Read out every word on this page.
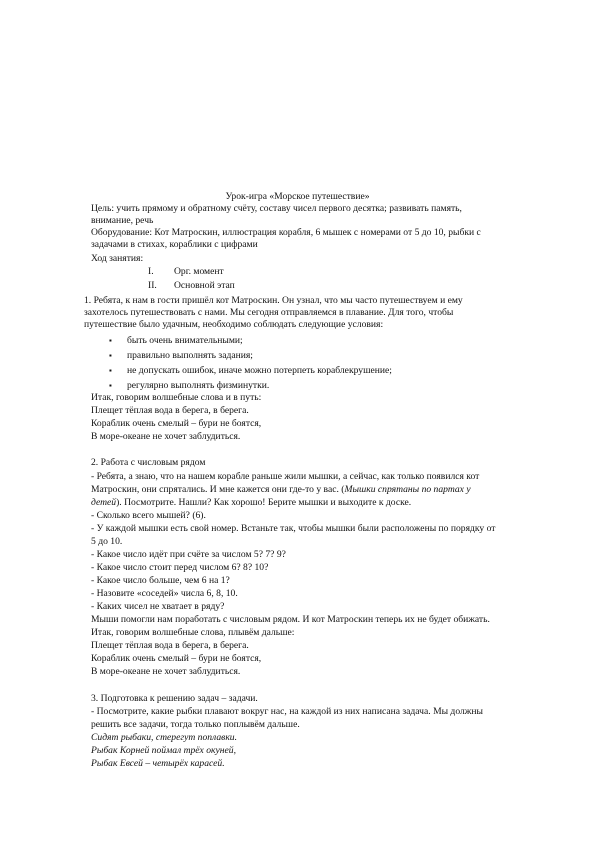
Урок-игра «Морское путешествие»
Цель: учить прямому и обратному счёту, составу чисел первого десятка; развивать память,
внимание, речь
Оборудование: Кот Матроскин, иллюстрация корабля, 6 мышек с номерами от 5 до 10, рыбки с
задачами в стихах, кораблики с цифрами
Ход занятия:
I. Орг. момент
II. Основной этап
1. Ребята, к нам в гости пришёл кот Матроскин. Он узнал, что мы часто путешествуем и ему
захотелось путешествовать с нами. Мы сегодня отправляемся в плавание. Для того, чтобы
путешествие было удачным, необходимо соблюдать следующие условия:
▪ быть очень внимательными;
▪ правильно выполнять задания;
▪ не допускать ошибок, иначе можно потерпеть кораблекрушение;
▪ регулярно выполнять физминутки.
Итак, говорим волшебные слова и в путь:
Плещет тёплая вода в берега, в берега.
Кораблик очень смелый – бури не боятся,
В море-океане не хочет заблудиться.
2. Работа с числовым рядом
- Ребята, а знаю, что на нашем корабле раньше жили мышки, а сейчас, как только появился кот
Матроскин, они спрятались. И мне кажется они где-то у вас. (Мышки спрятаны по партах у
детей). Посмотрите. Нашли? Как хорошо! Берите мышки и выходите к доске.
- Сколько всего мышей? (6).
- У каждой мышки есть свой номер. Встаньте так, чтобы мышки были расположены по порядку от
5 до 10.
- Какое число идёт при счёте за числом 5? 7? 9?
- Какое число стоит перед числом 6? 8? 10?
- Какое число больше, чем 6 на 1?
- Назовите «соседей» числа 6, 8, 10.
- Каких чисел не хватает в ряду?
Мыши помогли нам поработать с числовым рядом. И кот Матроскин теперь их не будет обижать.
Итак, говорим волшебные слова, плывём дальше:
Плещет тёплая вода в берега, в берега.
Кораблик очень смелый – бури не боятся,
В море-океане не хочет заблудиться.
3. Подготовка к решению задач – задачи.
- Посмотрите, какие рыбки плавают вокруг нас, на каждой из них написана задача. Мы должны
решить все задачи, тогда только поплывём дальше.
Сидят рыбаки, стерегут поплавки.
Рыбак Корней поймал трёх окуней,
Рыбак Евсей – четырёх карасей.
